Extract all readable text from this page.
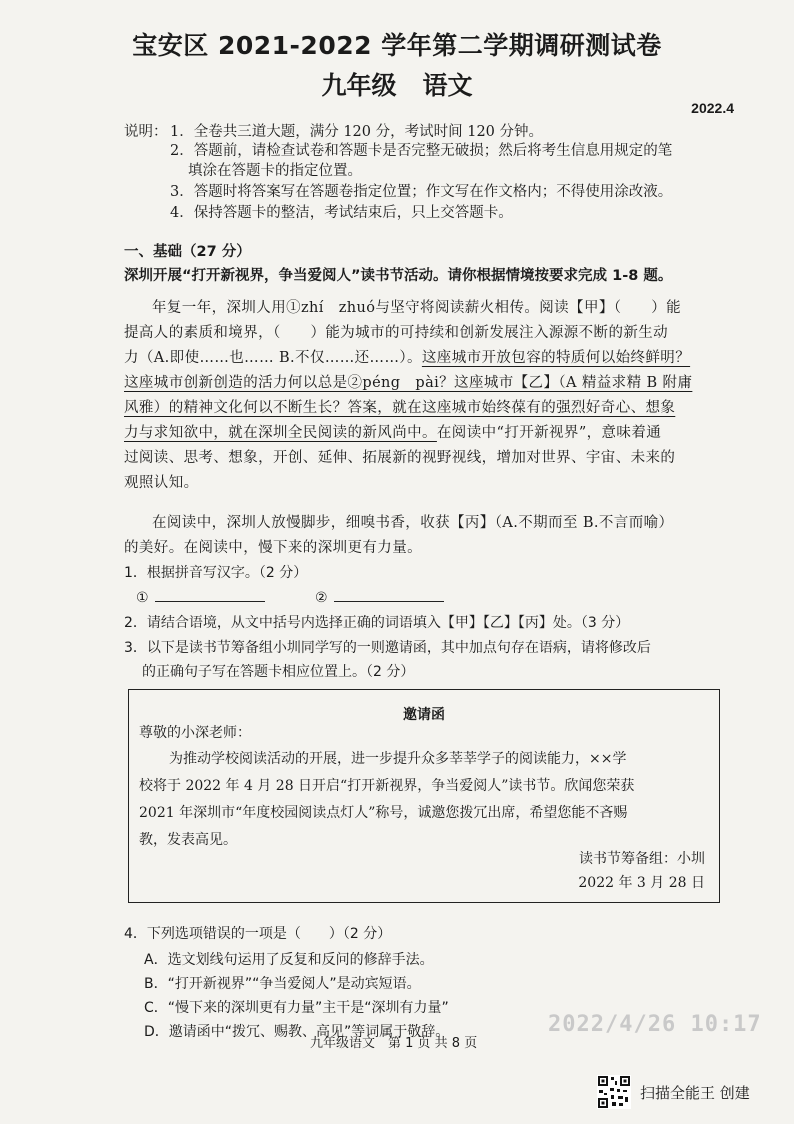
宝安区 2021-2022 学年第二学期调研测试卷
九年级 语文
2022.4
说明： 1．全卷共三道大题，满分 120 分，考试时间 120 分钟。
2．答题前，请检查试卷和答题卡是否完整无破损；然后将考生信息用规定的笔
填涂在答题卡的指定位置。
3．答题时将答案写在答题卷指定位置；作文写在作文格内；不得使用涂改液。
4．保持答题卡的整洁，考试结束后，只上交答题卡。
一、基础（27 分）
深圳开展“打开新视界，争当爱阅人”读书节活动。请你根据情境按要求完成 1-8 题。
年复一年，深圳人用①zhí　zhuó与坚守将阅读薪火相传。阅读【甲】（　　）能
提高人的素质和境界，（　　）能为城市的可持续和创新发展注入源源不断的新生动
力（A.即使……也…… B.不仅……还……）。这座城市开放包容的特质何以始终鲜明？
这座城市创新创造的活力何以总是②péng　pài？这座城市【乙】（A 精益求精 B 附庸
风雅）的精神文化何以不断生长？答案，就在这座城市始终葆有的强烈好奇心、想象
力与求知欲中，就在深圳全民阅读的新风尚中。在阅读中“打开新视界”，意味着通
过阅读、思考、想象，开创、延伸、拓展新的视野视线，增加对世界、宇宙、未来的
观照认知。
在阅读中，深圳人放慢脚步，细嗅书香，收获【丙】（A.不期而至 B.不言而喻）
的美好。在阅读中，慢下来的深圳更有力量。
1．根据拼音写汉字。（2 分）
①	②
2．请结合语境，从文中括号内选择正确的词语填入【甲】【乙】【丙】处。（3 分）
3．以下是读书节筹备组小圳同学写的一则邀请函，其中加点句存在语病，请将修改后
的正确句子写在答题卡相应位置上。（2 分）
邀请函
尊敬的小深老师：
为推动学校阅读活动的开展，进一步提升众多莘莘学子的阅读能力，××学
校将于 2022 年 4 月 28 日开启“打开新视界，争当爱阅人”读书节。欣闻您荣获
2021 年深圳市“年度校园阅读点灯人”称号，诚邀您拨冗出席，希望您能不吝赐
教，发表高见。
读书节筹备组：小圳
2022 年 3 月 28 日
4．下列选项错误的一项是（　　）（2 分）
A．选文划线句运用了反复和反问的修辞手法。
B．“打开新视界”“争当爱阅人”是动宾短语。
C．“慢下来的深圳更有力量”主干是“深圳有力量”
D．邀请函中“拨冗、赐教、高见”等词属于敬辞。	2022/4/26 10:17
九年级语文　第 1 页 共 8 页
扫描全能王 创建
